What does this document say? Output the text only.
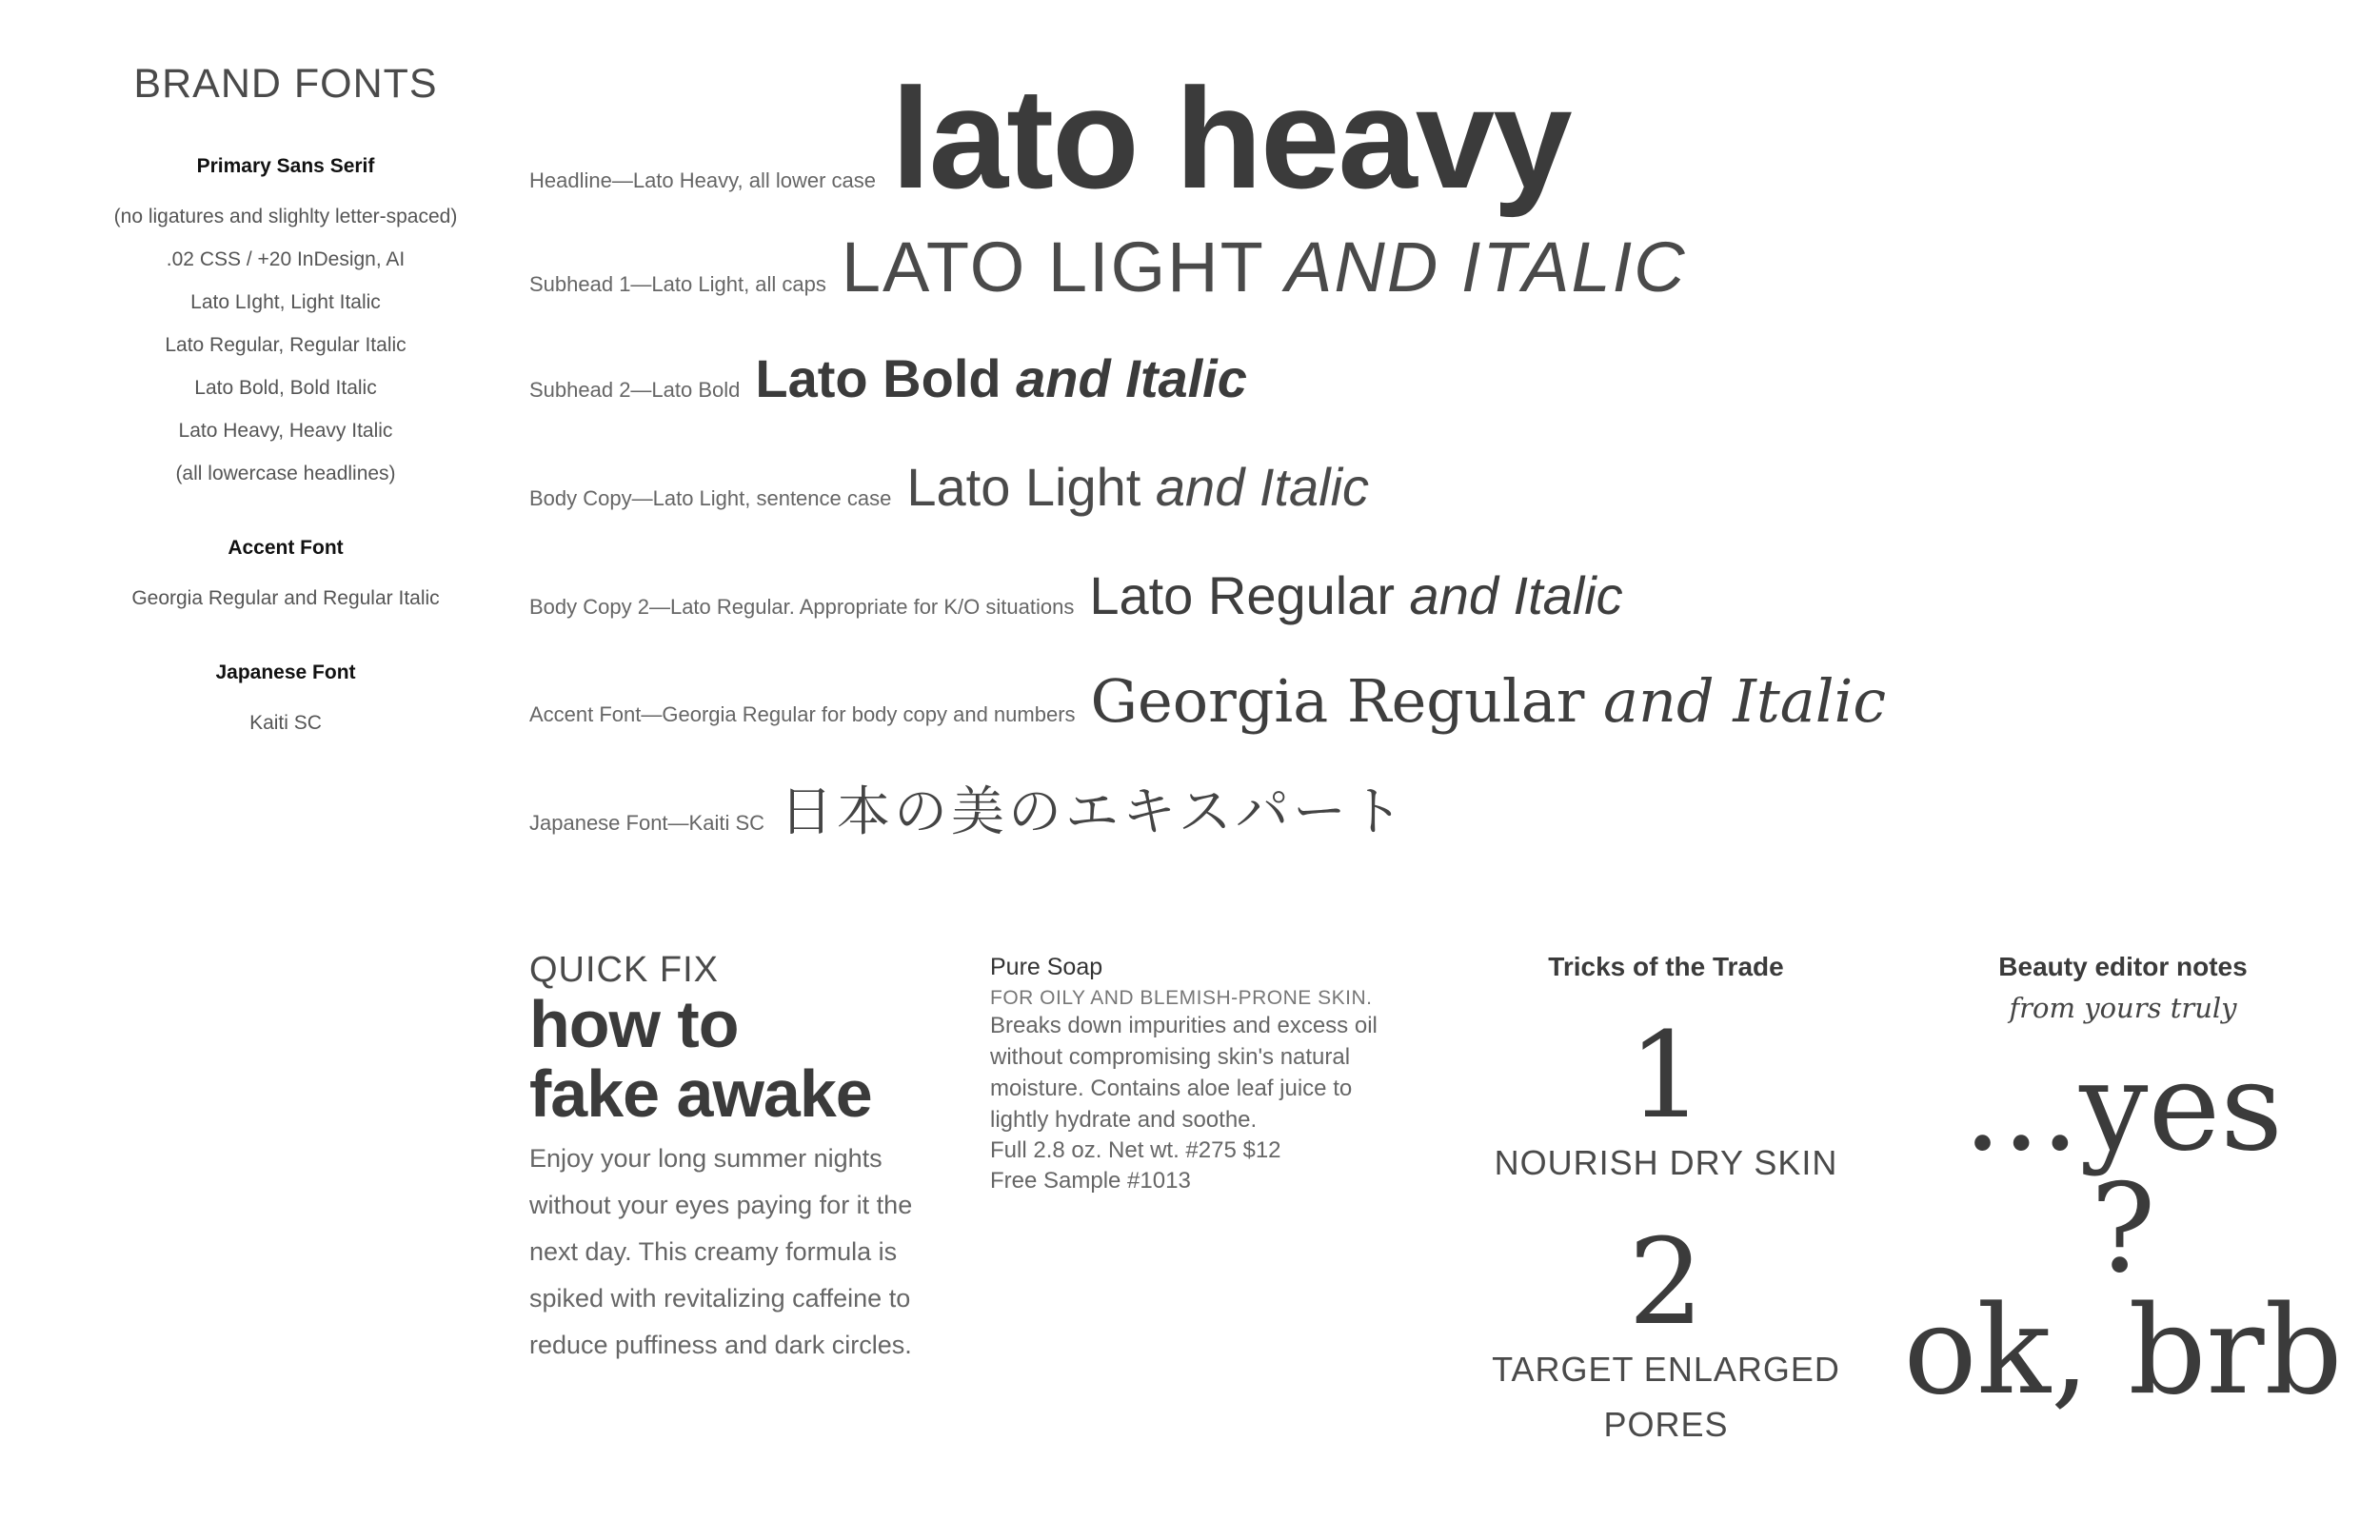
BRAND FONTS
Primary Sans Serif
(no ligatures and slighlty letter-spaced)
.02 CSS / +20 InDesign, AI
Lato LIght, Light Italic
Lato Regular, Regular Italic
Lato Bold, Bold Italic
Lato Heavy, Heavy Italic
(all lowercase headlines)
Accent Font
Georgia Regular and Regular Italic
Japanese Font
Kaiti SC
Headline—Lato Heavy, all lower case lato heavy
Subhead 1—Lato Light, all caps LATO LIGHT AND ITALIC
Subhead 2—Lato Bold Lato Bold and Italic
Body Copy—Lato Light, sentence case Lato Light and Italic
Body Copy 2—Lato Regular. Appropriate for K/O situations Lato Regular and Italic
Accent Font—Georgia Regular for body copy and numbers Georgia Regular and Italic
Japanese Font—Kaiti SC 日本の美のエキスパート
QUICK FIX
how to
fake awake
Enjoy your long summer nights without your eyes paying for it the next day. This creamy formula is spiked with revitalizing caffeine to reduce puffiness and dark circles.
Pure Soap
FOR OILY AND BLEMISH-PRONE SKIN.
Breaks down impurities and excess oil without compromising skin's natural moisture. Contains aloe leaf juice to lightly hydrate and soothe.
Full 2.8 oz. Net wt. #275 $12
Free Sample #1013
Tricks of the Trade
1
NOURISH DRY SKIN
2
TARGET ENLARGED PORES
Beauty editor notes
from yours truly
...yes
?
ok, brb
